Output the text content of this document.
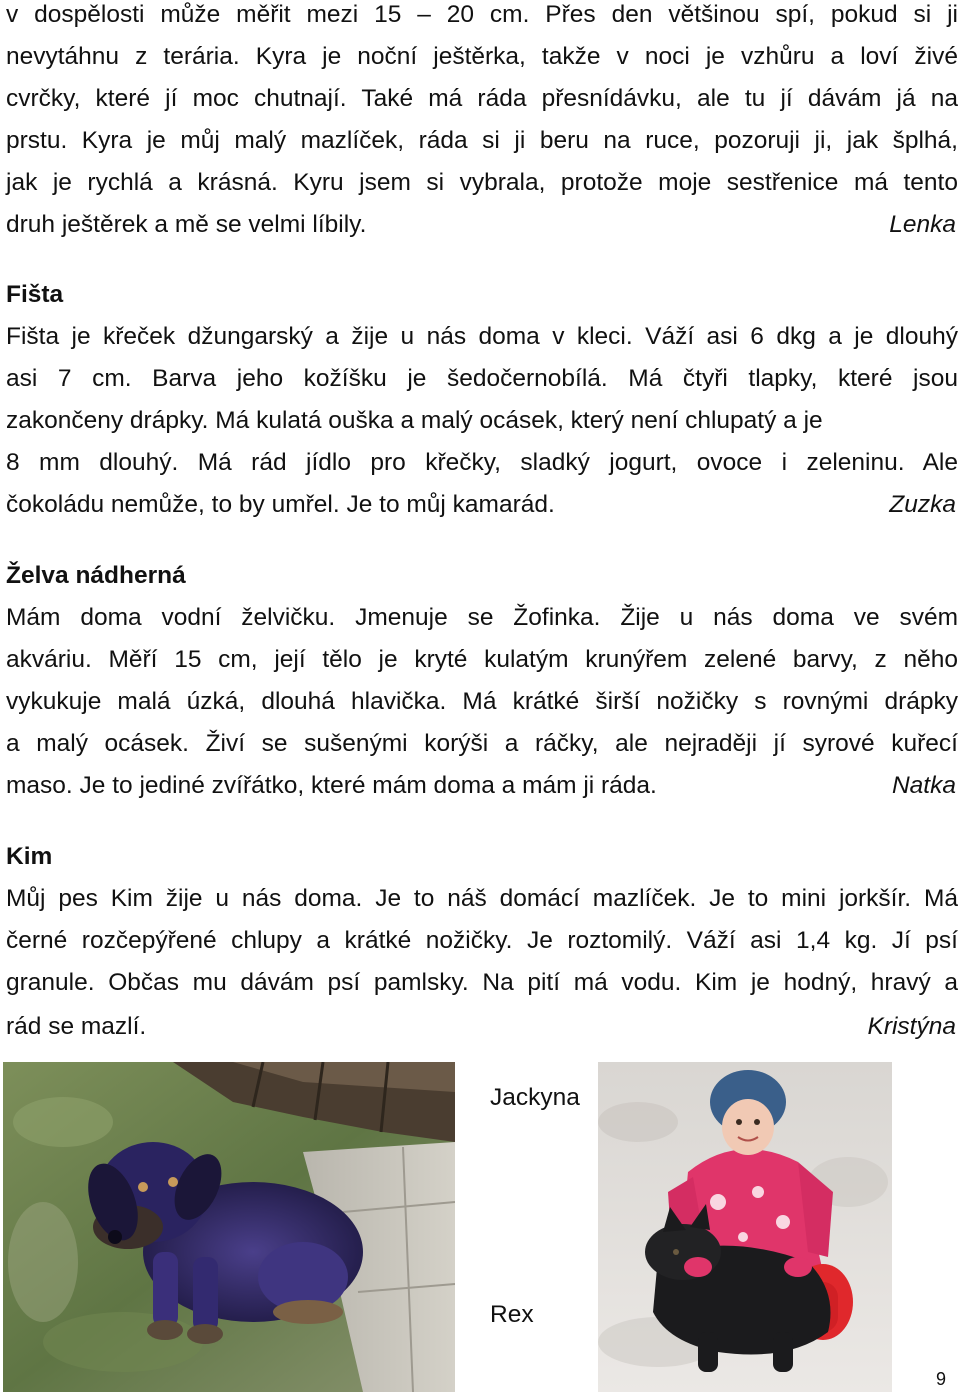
v dospělosti může měřit mezi 15 – 20 cm. Přes den většinou spí, pokud si ji
nevytáhnu z terária. Kyra je noční ještěrka, takže v noci je vzhůru a loví živé
cvrčky, které jí moc chutnají. Také má ráda přesnídávku, ale tu jí dávám já na
prstu. Kyra je můj malý mazlíček, ráda si ji beru na ruce, pozoruji ji, jak šplhá,
jak je rychlá a krásná. Kyru jsem si vybrala, protože moje sestřenice má tento
druh ještěrek a mě se velmi líbily.	Lenka
Fišta
Fišta je křeček džungarský a žije u nás doma v kleci. Váží asi 6 dkg a je dlouhý
asi 7 cm. Barva jeho kožíšku je šedočernobílá. Má čtyři tlapky, které jsou
zakončeny drápky. Má kulatá ouška a malý ocásek, který není chlupatý a je
8 mm dlouhý. Má rád jídlo pro křečky, sladký jogurt, ovoce i zeleninu. Ale
čokoládu nemůže, to by umřel. Je to můj kamarád.	Zuzka
Želva nádherná
Mám doma vodní želvičku. Jmenuje se Žofinka. Žije u nás doma ve svém
akváriu. Měří 15 cm, její tělo je kryté kulatým krunýřem zelené barvy, z něho
vykukuje malá úzká, dlouhá hlavička. Má krátké širší nožičky s rovnými drápky
a malý ocásek. Živí se sušenými korýši a ráčky, ale nejraději jí syrové kuřecí
maso. Je to jediné zvířátko, které mám doma a mám ji ráda.	Natka
Kim
Můj pes Kim žije u nás doma. Je to náš domácí mazlíček. Je to mini jorkšír. Má
černé rozčepýřené chlupy a krátké nožičky. Je roztomilý. Váží asi 1,4 kg. Jí psí
granule. Občas mu dávám psí pamlsky. Na pití má vodu. Kim je hodný, hravý a
rád se mazlí.	Kristýna
Jackyna
Rex
9
